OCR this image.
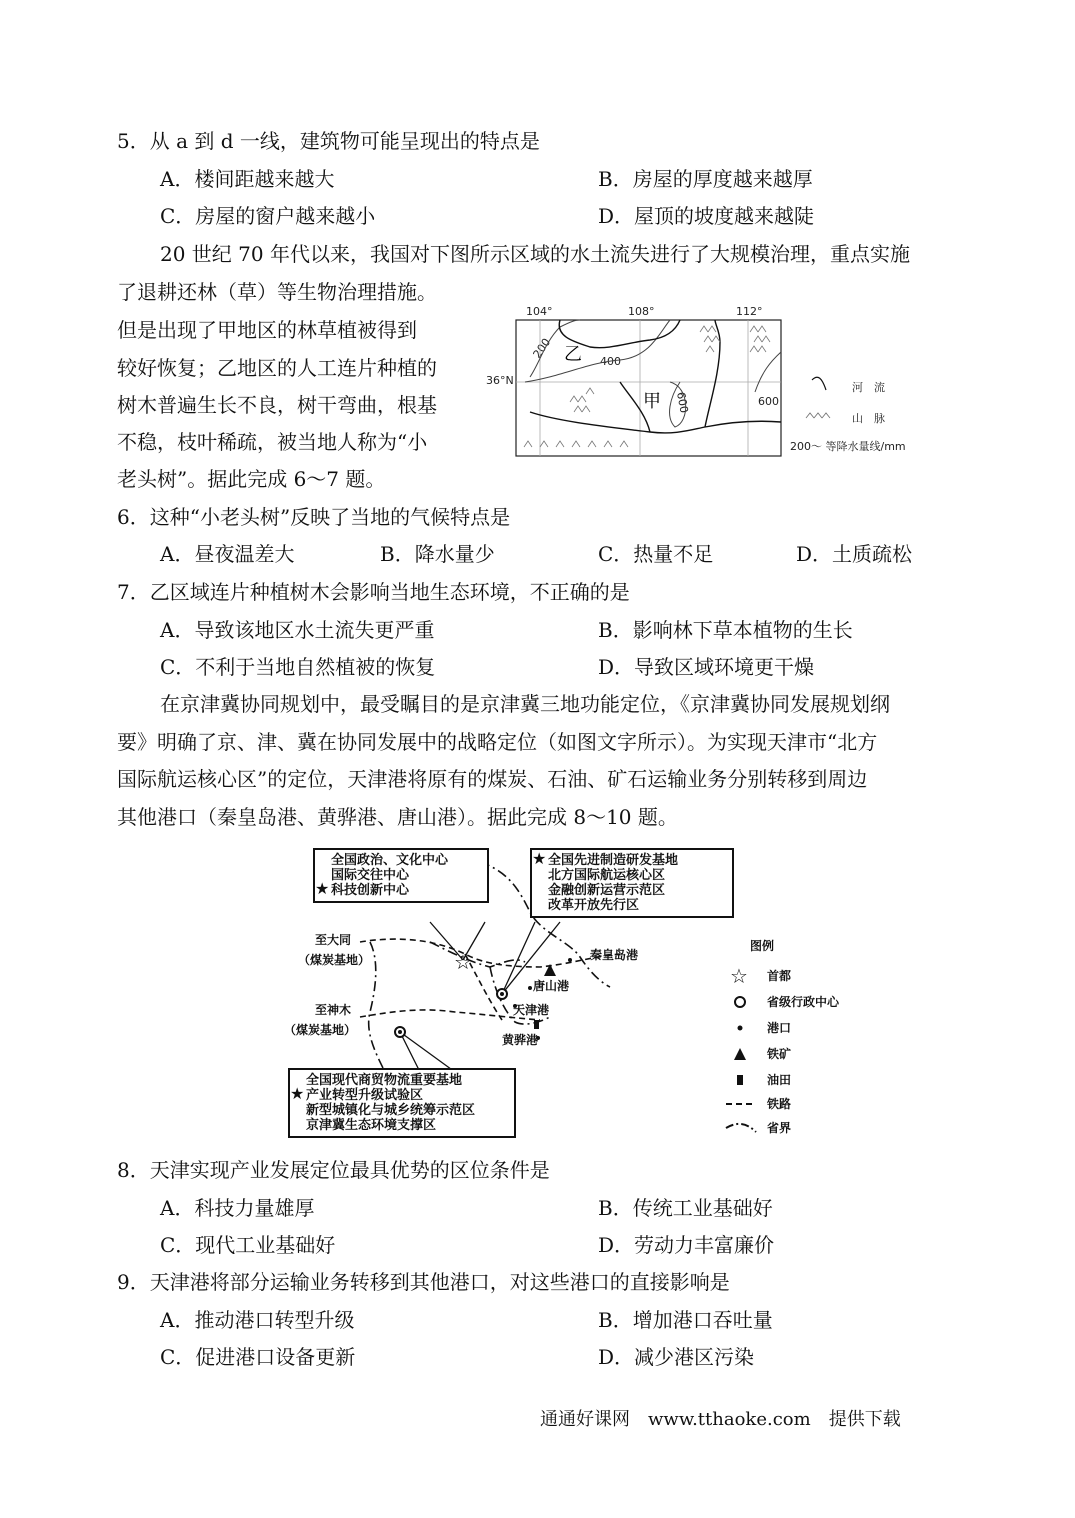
5．从 a 到 d 一线，建筑物可能呈现出的特点是
A．楼间距越来越大	B．房屋的厚度越来越厚
C．房屋的窗户越来越小	D．屋顶的坡度越来越陡
20 世纪 70 年代以来，我国对下图所示区域的水土流失进行了大规模治理，重点实施
了退耕还林（草）等生物治理措施。
但是出现了甲地区的林草植被得到
较好恢复；乙地区的人工连片种植的
树木普遍生长不良，树干弯曲，根基
不稳，枝叶稀疏，被当地人称为“小
老头树”。据此完成 6～7 题。
104°	108°	112°
36°N
200
400
600	600
乙
甲
河　流
山　脉
200～ 等降水量线/mm
6．这种“小老头树”反映了当地的气候特点是
A．昼夜温差大	B．降水量少	C．热量不足	D．土质疏松
7．乙区域连片种植树木会影响当地生态环境，不正确的是
A．导致该地区水土流失更严重	B．影响林下草本植物的生长
C．不利于当地自然植被的恢复	D．导致区域环境更干燥
在京津冀协同规划中，最受瞩目的是京津冀三地功能定位，《京津冀协同发展规划纲
要》明确了京、津、冀在协同发展中的战略定位（如图文字所示）。为实现天津市“北方
国际航运核心区”的定位，天津港将原有的煤炭、石油、矿石运输业务分别转移到周边
其他港口（秦皇岛港、黄骅港、唐山港）。据此完成 8～10 题。
☆
图例
☆ 首都
省级行政中心
港口
铁矿
油田
铁路
省界
至大同
（煤炭基地）
至神木
（煤炭基地）
秦皇岛港
唐山港
天津港
黄骅港
全国政治、文化中心
国际交往中心
★ 科技创新中心
★ 全国先进制造研发基地
北方国际航运核心区
金融创新运营示范区
改革开放先行区
全国现代商贸物流重要基地
★ 产业转型升级试验区
新型城镇化与城乡统筹示范区
京津冀生态环境支撑区
8．天津实现产业发展定位最具优势的区位条件是
A．科技力量雄厚	B．传统工业基础好
C．现代工业基础好	D．劳动力丰富廉价
9．天津港将部分运输业务转移到其他港口，对这些港口的直接影响是
A．推动港口转型升级	B．增加港口吞吐量
C．促进港口设备更新	D．减少港区污染
通通好课网　www.tthaoke.com　提供下载
